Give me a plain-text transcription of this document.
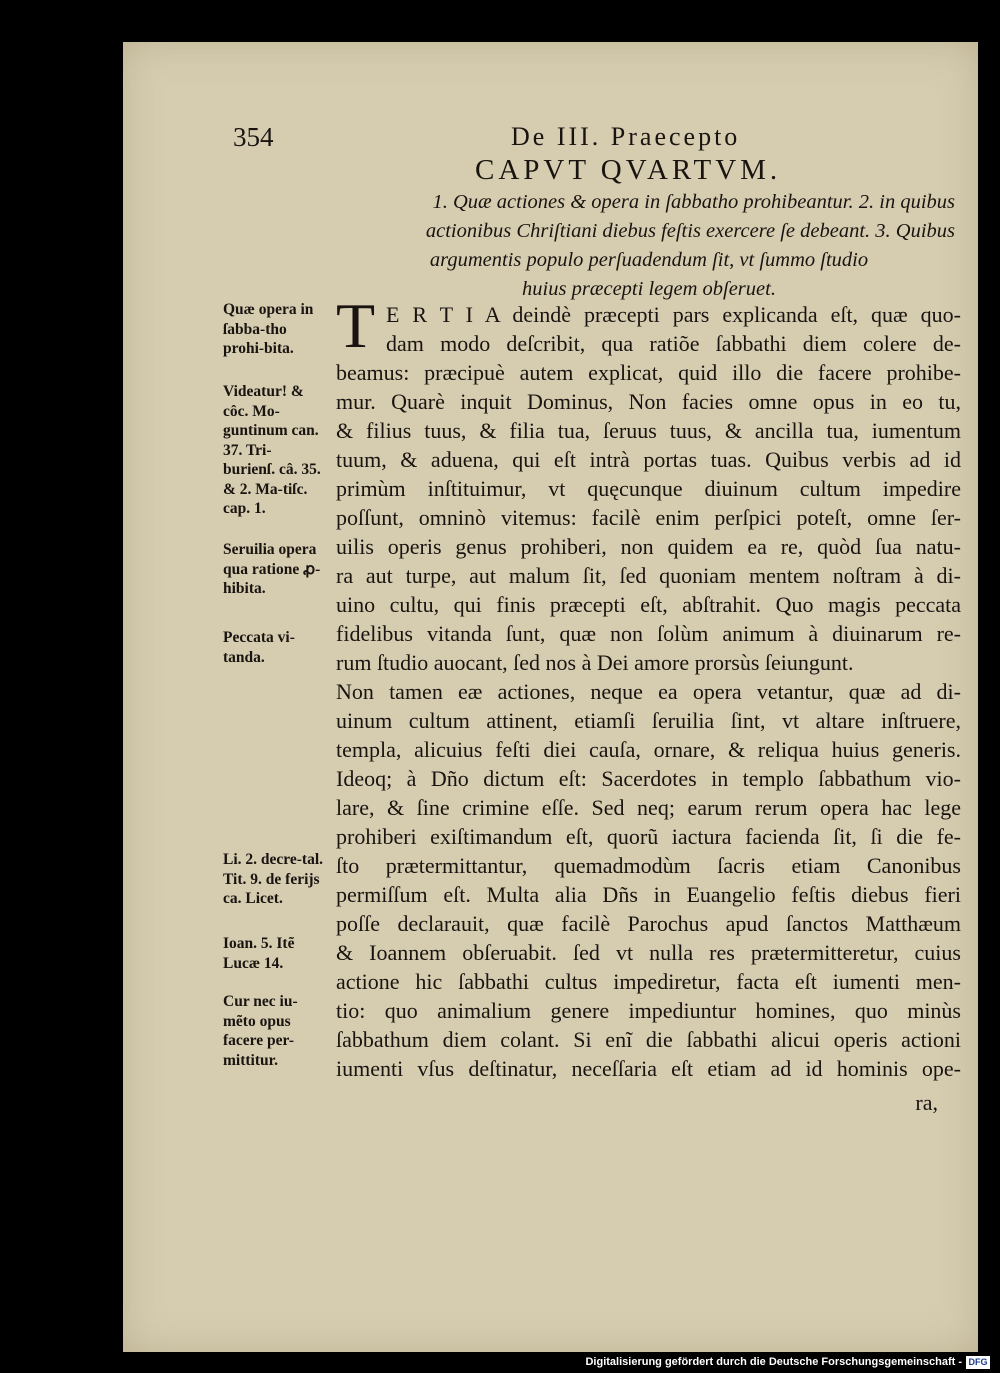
354	De III. Praecepto
CAPVT QVARTVM.
1. Quæ actiones & opera in ſabbatho prohibeantur. 2. in quibus
actionibus Chriſtiani diebus feſtis exercere ſe debeant. 3. Quibus
argumentis populo perſuadendum ſit, vt ſummo ſtudio
huius præcepti legem obſeruet.
Quæ opera in ſabba-tho prohi-bita.
Videatur! & côc. Mo-guntinum can. 37. Tri-burienſ. câ. 35. & 2. Ma-tiſc. cap. 1.
Seruilia opera qua ratione ꝓ-hibita.
Peccata vi-tanda.
Li. 2. decre-tal. Tit. 9. de ferijs ca. Licet.
Ioan. 5. Itẽ Lucæ 14.
Cur nec iu-mẽto opus facere per-mittitur.
T E R T I A deindè præcepti pars explicanda eſt, quæ quo-
dam modo deſcribit, qua ratiõe ſabbathi diem colere de-
beamus: præcipuè autem explicat, quid illo die facere prohibe-
mur. Quarè inquit Dominus, Non facies omne opus in eo tu,
& filius tuus, & filia tua, ſeruus tuus, & ancilla tua, iumentum
tuum, & aduena, qui eſt intrà portas tuas. Quibus verbis ad id
primùm inſtituimur, vt quęcunque diuinum cultum impedire
poſſunt, omninò vitemus: facilè enim perſpici poteſt, omne ſer-
uilis operis genus prohiberi, non quidem ea re, quòd ſua natu-
ra aut turpe, aut malum ſit, ſed quoniam mentem noſtram à di-
uino cultu, qui finis præcepti eſt, abſtrahit. Quo magis peccata
fidelibus vitanda ſunt, quæ non ſolùm animum à diuinarum re-
rum ſtudio auocant, ſed nos à Dei amore prorsùs ſeiungunt.
Non tamen eæ actiones, neque ea opera vetantur, quæ ad di-
uinum cultum attinent, etiamſi ſeruilia ſint, vt altare inſtruere,
templa, alicuius feſti diei cauſa, ornare, & reliqua huius generis.
Ideoq; à Dño dictum eſt: Sacerdotes in templo ſabbathum vio-
lare, & ſine crimine eſſe. Sed neq; earum rerum opera hac lege
prohiberi exiſtimandum eſt, quorũ iactura facienda ſit, ſi die fe-
ſto prætermittantur, quemadmodùm ſacris etiam Canonibus
permiſſum eſt. Multa alia Dñs in Euangelio feſtis diebus fieri
poſſe declarauit, quæ facilè Parochus apud ſanctos Matthæum
& Ioannem obſeruabit. ſed vt nulla res prætermitteretur, cuius
actione hic ſabbathi cultus impediretur, facta eſt iumenti men-
tio: quo animalium genere impediuntur homines, quo minùs
ſabbathum diem colant. Si enĩ die ſabbathi alicui operis actioni
iumenti vſus deſtinatur, neceſſaria eſt etiam ad id hominis ope-
ra,
Digitalisierung gefördert durch die Deutsche Forschungsgemeinschaft - DFG
